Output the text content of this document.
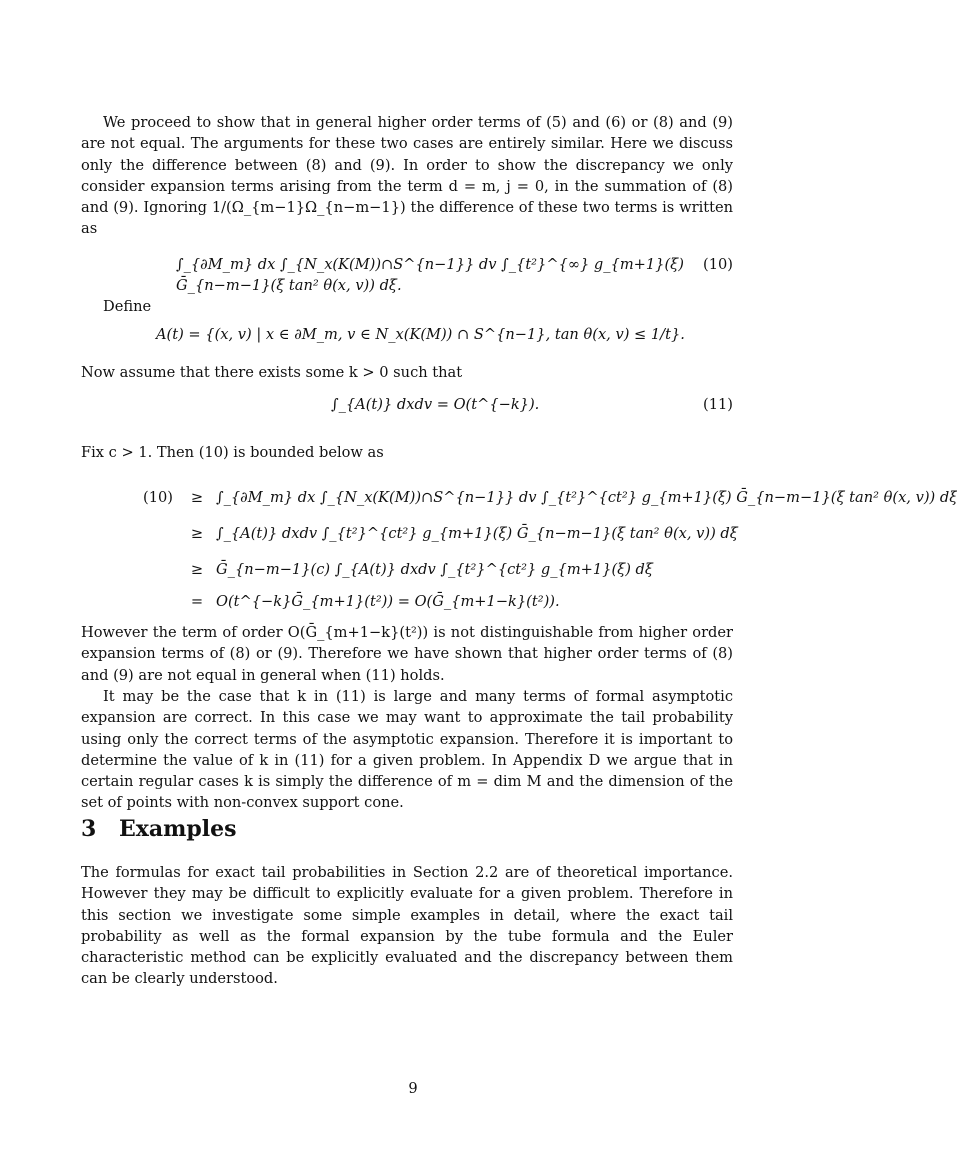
We proceed to show that in general higher order terms of (5) and (6) or (8) and (9) are not equal. The arguments for these two cases are entirely similar. Here we discuss only the difference between (8) and (9). In order to show the discrepancy we only consider expansion terms arising from the term d = m, j = 0, in the summation of (8) and (9). Ignoring 1/(Ω_{m−1}Ω_{n−m−1}) the difference of these two terms is written as

∫_{∂M_m} dx ∫_{N_x(K(M))∩S^{n−1}} dv ∫_{t²}^{∞} g_{m+1}(ξ) Ḡ_{n−m−1}(ξ tan² θ(x, v)) dξ.
(10)

Define

A(t) = {(x, v) | x ∈ ∂M_m, v ∈ N_x(K(M)) ∩ S^{n−1}, tan θ(x, v) ≤ 1/t}.

Now assume that there exists some k > 0 such that

∫_{A(t)} dxdv = O(t^{−k}).	(11)

Fix c > 1. Then (10) is bounded below as

(10)	≥ ∫_{∂M_m} dx ∫_{N_x(K(M))∩S^{n−1}} dv ∫_{t²}^{ct²} g_{m+1}(ξ) Ḡ_{n−m−1}(ξ tan² θ(x, v)) dξ
≥ ∫_{A(t)} dxdv ∫_{t²}^{ct²} g_{m+1}(ξ) Ḡ_{n−m−1}(ξ tan² θ(x, v)) dξ
≥ Ḡ_{n−m−1}(c) ∫_{A(t)} dxdv ∫_{t²}^{ct²} g_{m+1}(ξ) dξ
= O(t^{−k}Ḡ_{m+1}(t²)) = O(Ḡ_{m+1−k}(t²)).

However the term of order O(Ḡ_{m+1−k}(t²)) is not distinguishable from higher order expansion terms of (8) or (9). Therefore we have shown that higher order terms of (8) and (9) are not equal in general when (11) holds.

It may be the case that k in (11) is large and many terms of formal asymptotic expansion are correct. In this case we may want to approximate the tail probability using only the correct terms of the asymptotic expansion. Therefore it is important to determine the value of k in (11) for a given problem. In Appendix D we argue that in certain regular cases k is simply the difference of m = dim M and the dimension of the set of points with non-convex support cone.

3 Examples

The formulas for exact tail probabilities in Section 2.2 are of theoretical importance. However they may be difficult to explicitly evaluate for a given problem. Therefore in this section we investigate some simple examples in detail, where the exact tail probability as well as the formal expansion by the tube formula and the Euler characteristic method can be explicitly evaluated and the discrepancy between them can be clearly understood.

9
